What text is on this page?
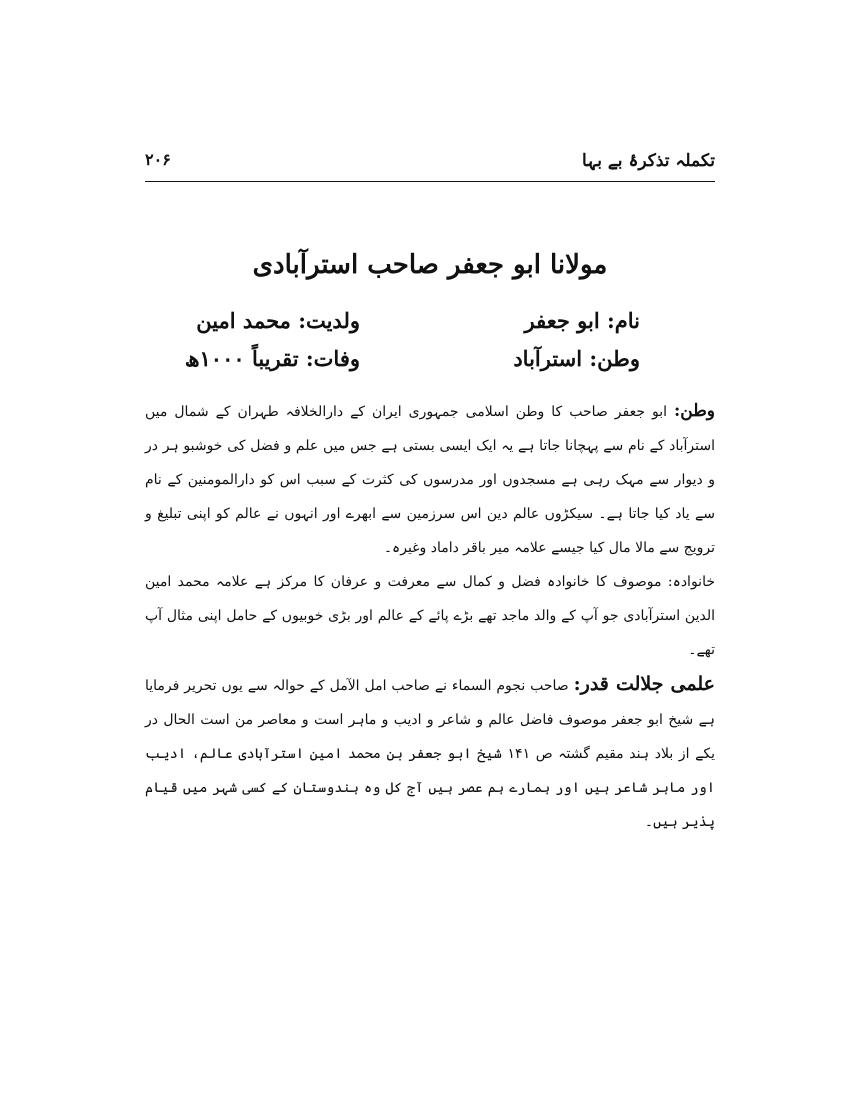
تکملہ تذکرۂ بے بہا
۲۰۶
مولانا ابو جعفر صاحب استرآبادی
نام: ابو جعفر
ولدیت: محمد امین
وطن: استرآباد
وفات: تقریباً ۱۰۰۰ھ

وطن: ابو جعفر صاحب کا وطن اسلامی جمہوری ایران کے دارالخلافہ طہران کے شمال میں استرآباد کے نام سے پہچانا جاتا ہے یہ ایک ایسی بستی ہے جس میں علم و فضل کی خوشبو ہر در و دیوار سے مہک رہی ہے مسجدوں اور مدرسوں کی کثرت کے سبب اس کو دارالمومنین کے نام سے یاد کیا جاتا ہے۔ سیکڑوں عالم دین اس سرزمین سے ابھرے اور انہوں نے عالم کو اپنی تبلیغ و ترویج سے مالا مال کیا جیسے علامہ میر باقر داماد وغیرہ۔

خانوادہ: موصوف کا خانوادہ فضل و کمال سے معرفت و عرفان کا مرکز ہے علامہ محمد امین الدین استرآبادی جو آپ کے والد ماجد تھے بڑے پائے کے عالم اور بڑی خوبیوں کے حامل اپنی مثال آپ تھے۔

علمی جلالت قدر: صاحب نجوم السماء نے صاحب امل الآمل کے حوالہ سے یوں تحریر فرمایا ہے شیخ ابو جعفر موصوف فاضل عالم و شاعر و ادیب و ماہر است و معاصر من است الحال در یکے از بلاد ہند مقیم گشتہ ص ۱۴۱ شیخ ابو جعفر بن محمد امین استرآبادی عالم، ادیب اور ماہر شاعر ہیں اور ہمارے ہم عصر ہیں آج کل وہ ہندوستان کے کسی شہر میں قیام پذیر ہیں۔
